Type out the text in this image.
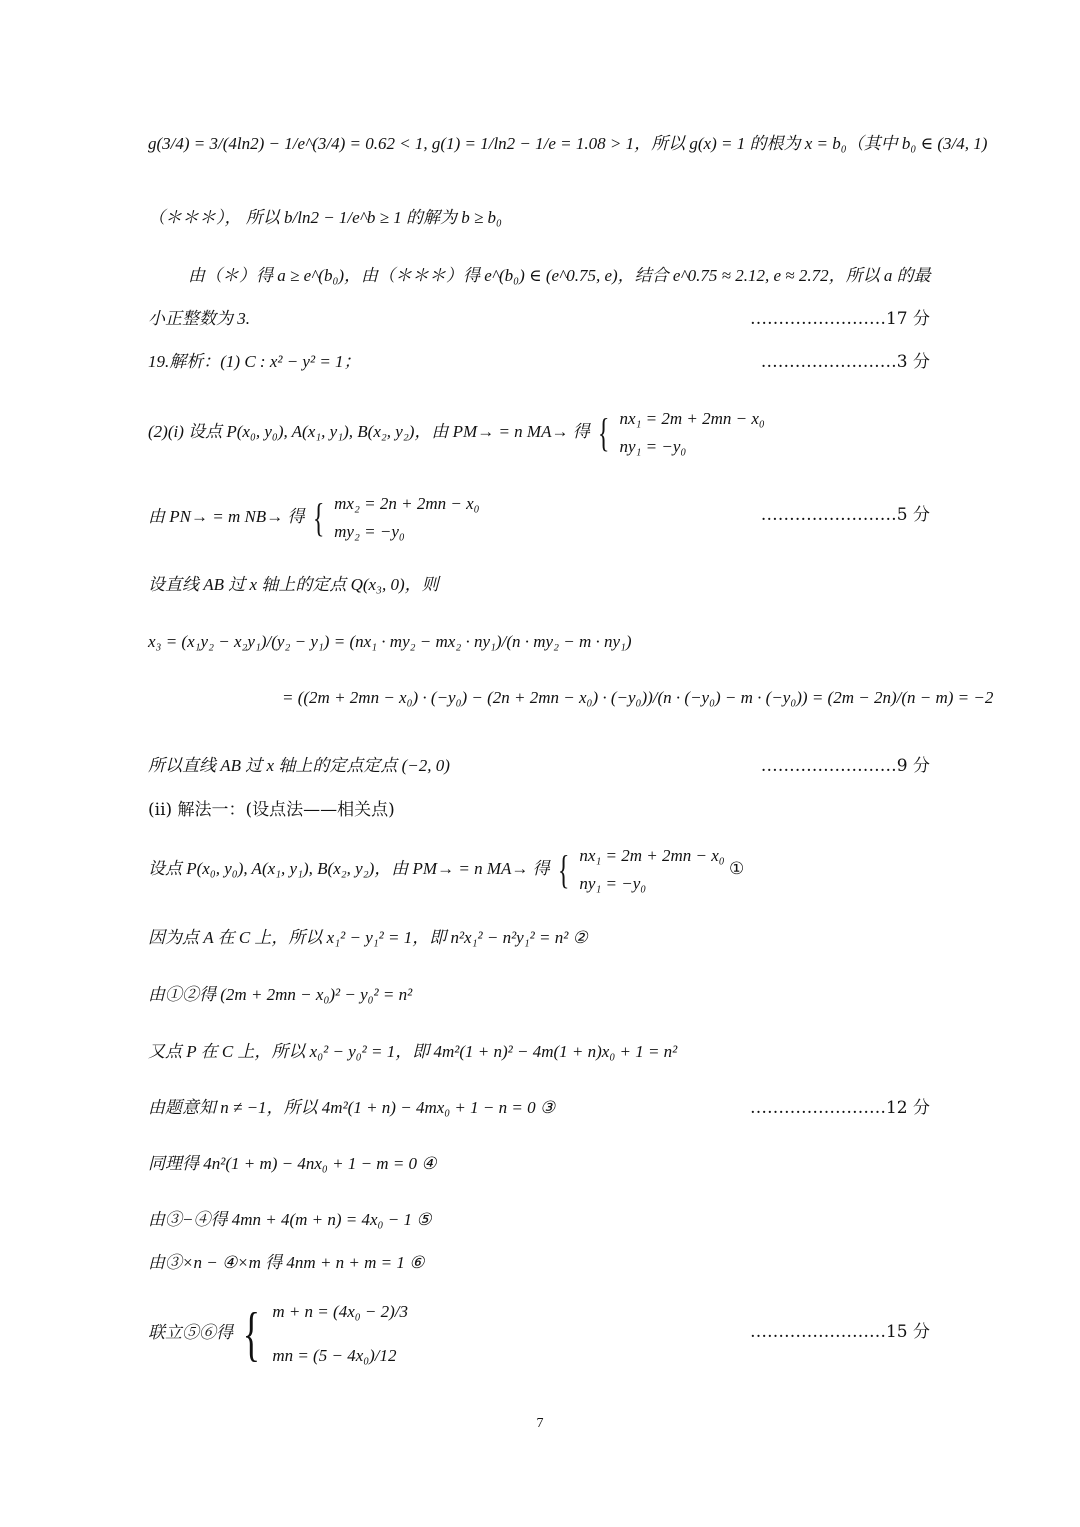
g(3/4) = 3/(4ln2) − 1/e^(3/4) = 0.62 < 1, g(1) = 1/ln2 − 1/e = 1.08 > 1，所以 g(x) = 1 的根为 x = b₀（其中 b₀ ∈ (3/4, 1)
（＊＊＊）， 所以 b/ln2 − 1/e^b ≥ 1 的解为 b ≥ b₀
由（＊）得 a ≥ e^(b₀)，由（＊＊＊）得 e^(b₀) ∈ (e^0.75, e)，结合 e^0.75 ≈ 2.12, e ≈ 2.72，所以 a 的最
小正整数为 3.	……………………17 分
19.解析：(1) C : x² − y² = 1；	……………………3 分
(2)(i) 设点 P(x₀, y₀), A(x₁, y₁), B(x₂, y₂)，由 PM→ = n MA→ 得 { nx₁ = 2m + 2mn − x₀
ny₁ = −y₀
由 PN→ = m NB→ 得 { mx₂ = 2n + 2mn − x₀
my₂ = −y₀
……………………5 分
设直线 AB 过 x 轴上的定点 Q(x₃, 0)，则
x₃ = (x₁y₂ − x₂y₁)/(y₂ − y₁) = (nx₁ · my₂ − mx₂ · ny₁)/(n · my₂ − m · ny₁)
= ((2m + 2mn − x₀) · (−y₀) − (2n + 2mn − x₀) · (−y₀))/(n · (−y₀) − m · (−y₀)) = (2m − 2n)/(n − m) = −2
所以直线 AB 过 x 轴上的定点定点 (−2, 0)	……………………9 分
(ii) 解法一：(设点法——相关点)
设点 P(x₀, y₀), A(x₁, y₁), B(x₂, y₂)，由 PM→ = n MA→ 得 { nx₁ = 2m + 2mn − x₀
ny₁ = −y₀
①
因为点 A 在 C 上，所以 x₁² − y₁² = 1，即 n²x₁² − n²y₁² = n² ②
由①②得 (2m + 2mn − x₀)² − y₀² = n²
又点 P 在 C 上，所以 x₀² − y₀² = 1，即 4m²(1 + n)² − 4m(1 + n)x₀ + 1 = n²
由题意知 n ≠ −1，所以 4m²(1 + n) − 4mx₀ + 1 − n = 0 ③	……………………12 分
同理得 4n²(1 + m) − 4nx₀ + 1 − m = 0 ④
由③−④得 4mn + 4(m + n) = 4x₀ − 1 ⑤
由③×n − ④×m 得 4nm + n + m = 1 ⑥
联立⑤⑥得 { m + n = (4x₀ − 2)/3
mn = (5 − 4x₀)/12
……………………15 分
7
